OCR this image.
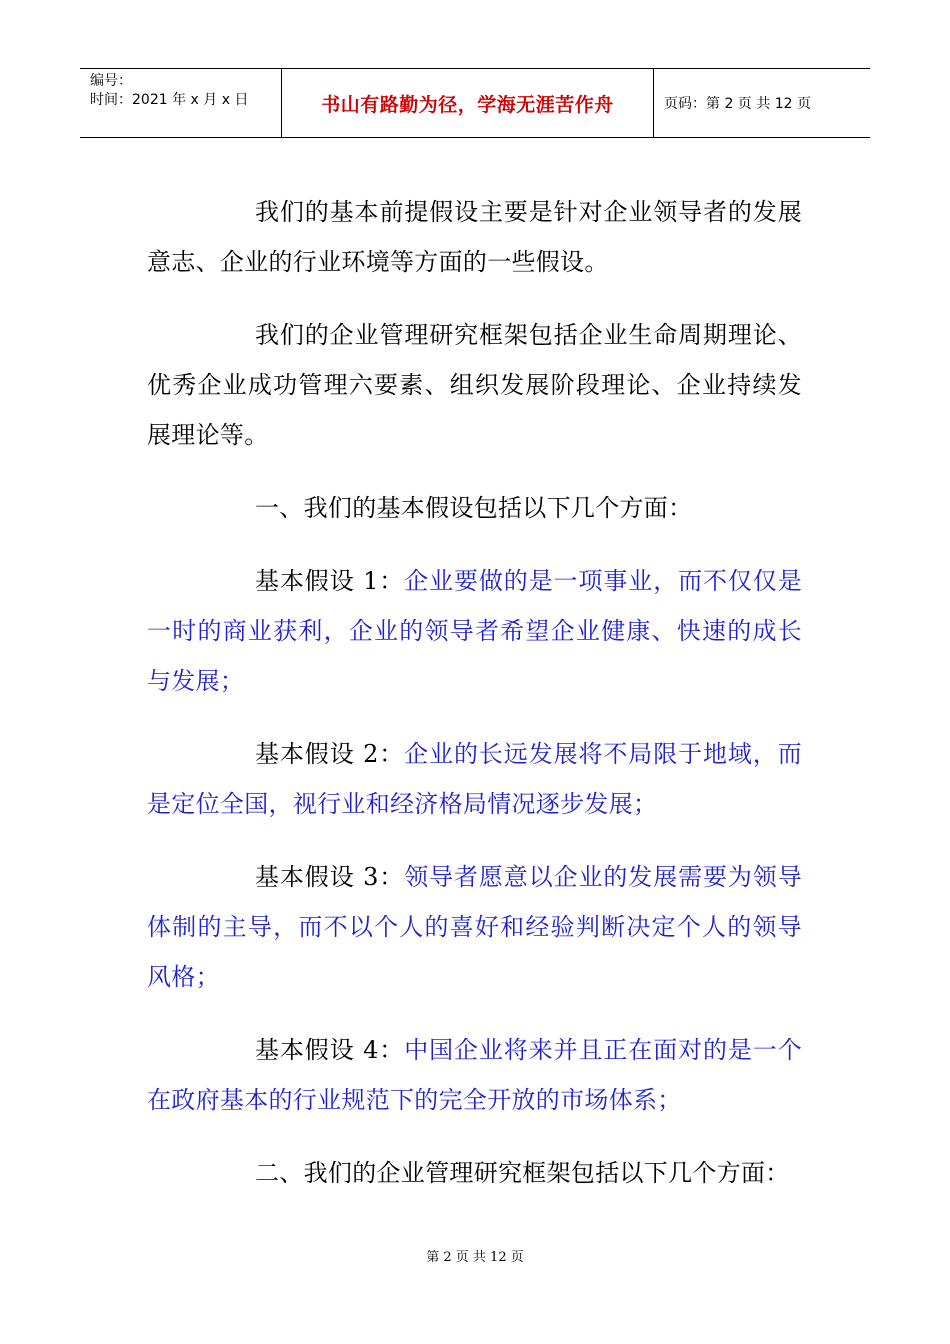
编号：
时间：2021 年 x 月 x 日	书山有路勤为径，学海无涯苦作舟	页码：第 2 页 共 12 页

我们的基本前提假设主要是针对企业领导者的发展意志、企业的行业环境等方面的一些假设。

我们的企业管理研究框架包括企业生命周期理论、优秀企业成功管理六要素、组织发展阶段理论、企业持续发展理论等。

一、我们的基本假设包括以下几个方面：

基本假设 1：企业要做的是一项事业，而不仅仅是一时的商业获利，企业的领导者希望企业健康、快速的成长与发展；

基本假设 2：企业的长远发展将不局限于地域，而是定位全国，视行业和经济格局情况逐步发展；

基本假设 3：领导者愿意以企业的发展需要为领导体制的主导，而不以个人的喜好和经验判断决定个人的领导风格；

基本假设 4：中国企业将来并且正在面对的是一个在政府基本的行业规范下的完全开放的市场体系；

二、我们的企业管理研究框架包括以下几个方面：

第 2 页 共 12 页
